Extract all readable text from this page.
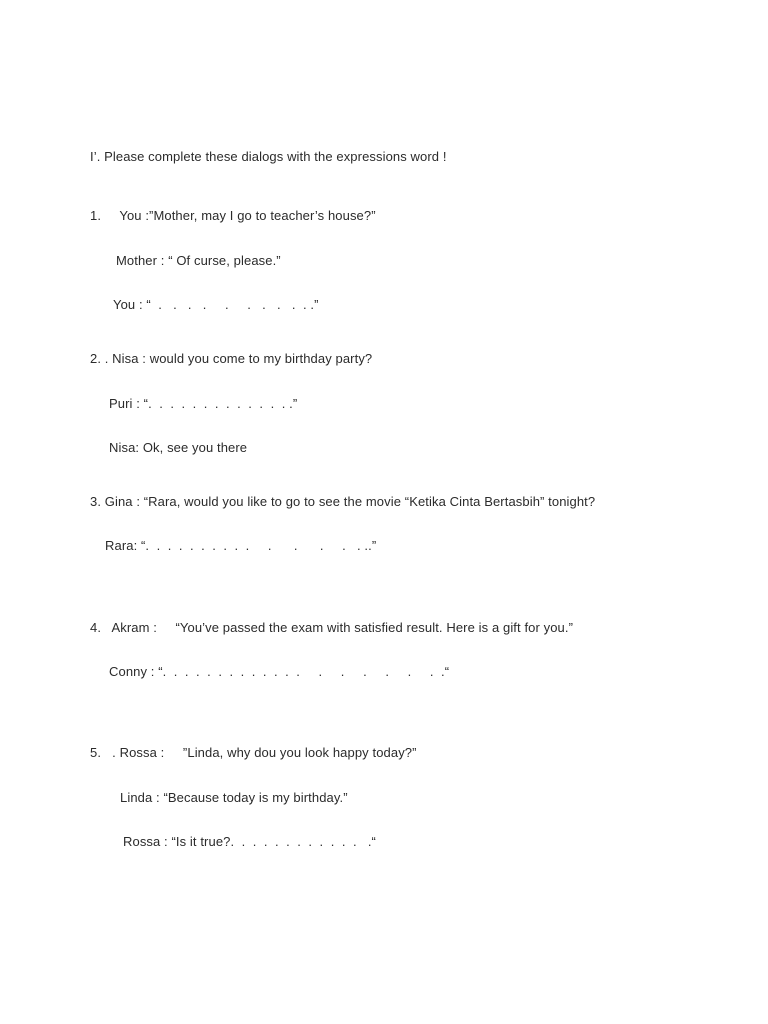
I’. Please complete these dialogs with the expressions word !
1.     You :”Mother, may I go to teacher’s house?”
Mother : “ Of curse, please.”
You : “  .   .   .   .     .     .   .   .   .  . .”
2. . Nisa : would you come to my birthday party?
Puri : “.  .  .  .  .  .  .  .  .  .  .  .  . .”
Nisa: Ok, see you there
3. Gina : “Rara, would you like to go to see the movie “Ketika Cinta Bertasbih” tonight?
Rara: “.  .  .  .  .  .  .  .  .  .     .      .      .     .   . ..”
4.   Akram :     “You’ve passed the exam with satisfied result. Here is a gift for you.”
Conny : “.  .  .  .  .  .  .  .  .  .  .  .  .     .     .     .     .     .     .  .“
5.   . Rossa :     ”Linda, why dou you look happy today?”
Linda : “Because today is my birthday.”
Rossa : “Is it true?.  .  .  .  .  .  .  .  .  .  .  .   .“
